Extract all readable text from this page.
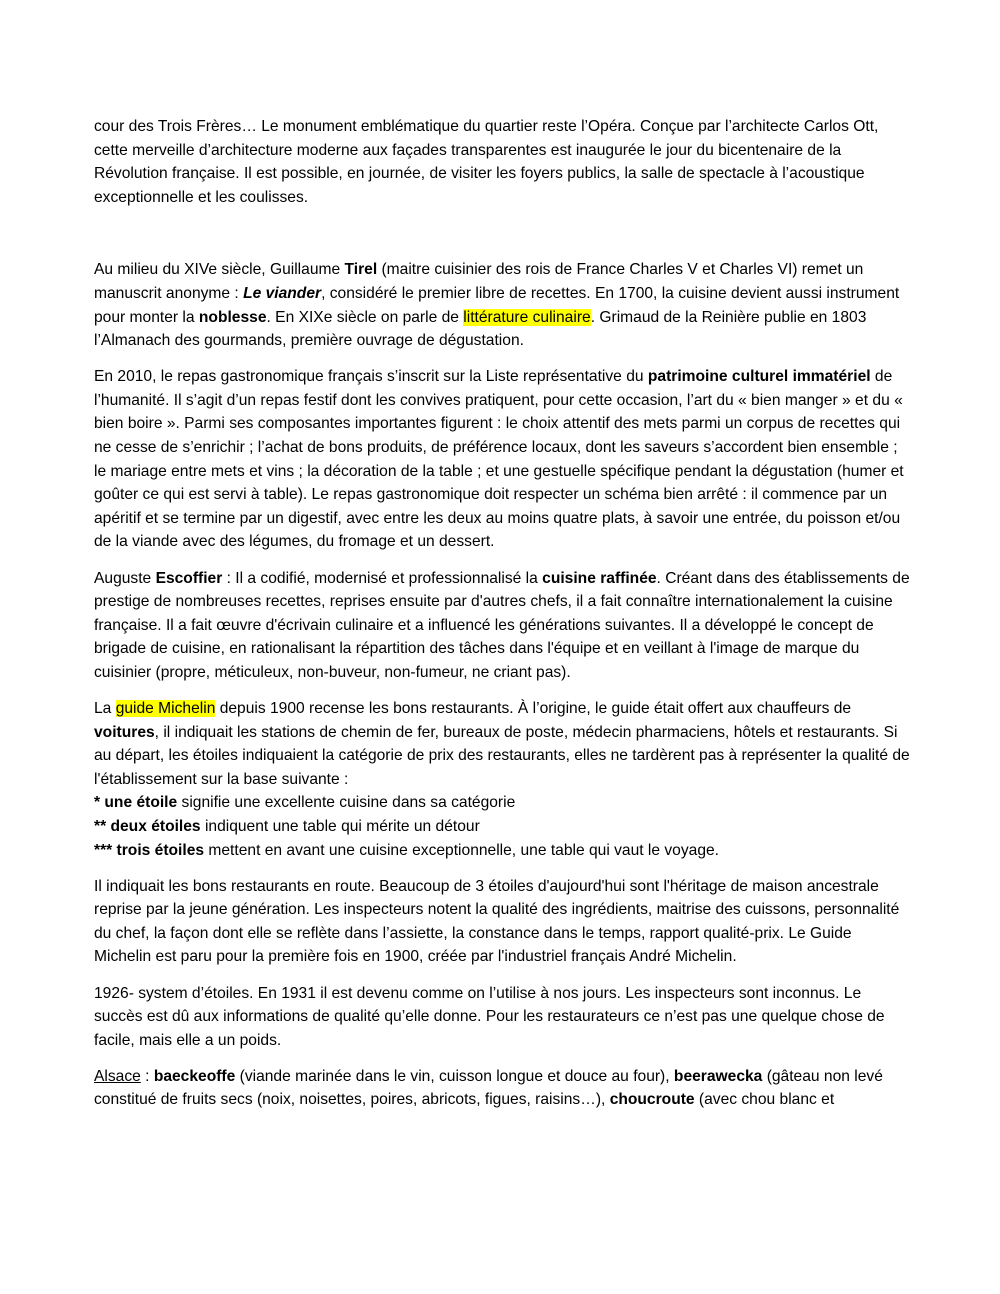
cour des Trois Frères… Le monument emblématique du quartier reste l’Opéra. Conçue par l’architecte Carlos Ott, cette merveille d’architecture moderne aux façades transparentes est inaugurée le jour du bicentenaire de la Révolution française. Il est possible, en journée, de visiter les foyers publics, la salle de spectacle à l’acoustique exceptionnelle et les coulisses.

Au milieu du XIVe siècle, Guillaume Tirel (maitre cuisinier des rois de France Charles V et Charles VI) remet un manuscrit anonyme : Le viander, considéré le premier libre de recettes. En 1700, la cuisine devient aussi instrument pour monter la noblesse. En XIXe siècle on parle de littérature culinaire. Grimaud de la Reinière publie en 1803 l’Almanach des gourmands, première ouvrage de dégustation.

En 2010, le repas gastronomique français s’inscrit sur la Liste représentative du patrimoine culturel immatériel de l’humanité. Il s’agit d’un repas festif dont les convives pratiquent, pour cette occasion, l’art du « bien manger » et du « bien boire ». Parmi ses composantes importantes figurent : le choix attentif des mets parmi un corpus de recettes qui ne cesse de s’enrichir ; l’achat de bons produits, de préférence locaux, dont les saveurs s’accordent bien ensemble ; le mariage entre mets et vins ; la décoration de la table ; et une gestuelle spécifique pendant la dégustation (humer et goûter ce qui est servi à table). Le repas gastronomique doit respecter un schéma bien arrêté : il commence par un apéritif et se termine par un digestif, avec entre les deux au moins quatre plats, à savoir une entrée, du poisson et/ou de la viande avec des légumes, du fromage et un dessert.

Auguste Escoffier : Il a codifié, modernisé et professionnalisé la cuisine raffinée. Créant dans des établissements de prestige de nombreuses recettes, reprises ensuite par d'autres chefs, il a fait connaître internationalement la cuisine française. Il a fait œuvre d'écrivain culinaire et a influencé les générations suivantes. Il a développé le concept de brigade de cuisine, en rationalisant la répartition des tâches dans l'équipe et en veillant à l'image de marque du cuisinier (propre, méticuleux, non-buveur, non-fumeur, ne criant pas).

La guide Michelin depuis 1900 recense les bons restaurants. À l’origine, le guide était offert aux chauffeurs de voitures, il indiquait les stations de chemin de fer, bureaux de poste, médecin pharmaciens, hôtels et restaurants. Si au départ, les étoiles indiquaient la catégorie de prix des restaurants, elles ne tardèrent pas à représenter la qualité de l'établissement sur la base suivante :
* une étoile signifie une excellente cuisine dans sa catégorie
** deux étoiles indiquent une table qui mérite un détour
*** trois étoiles mettent en avant une cuisine exceptionnelle, une table qui vaut le voyage.

Il indiquait les bons restaurants en route. Beaucoup de 3 étoiles d'aujourd'hui sont l'héritage de maison ancestrale reprise par la jeune génération. Les inspecteurs notent la qualité des ingrédients, maitrise des cuissons, personnalité du chef, la façon dont elle se reflète dans l’assiette, la constance dans le temps, rapport qualité-prix. Le Guide Michelin est paru pour la première fois en 1900, créée par l'industriel français André Michelin.

1926- system d’étoiles. En 1931 il est devenu comme on l’utilise à nos jours. Les inspecteurs sont inconnus. Le succès est dû aux informations de qualité qu’elle donne. Pour les restaurateurs ce n’est pas une quelque chose de facile, mais elle a un poids.

Alsace : baeckeoffe (viande marinée dans le vin, cuisson longue et douce au four), beerawecka (gâteau non levé constitué de fruits secs (noix, noisettes, poires, abricots, figues, raisins…), choucroute (avec chou blanc et
